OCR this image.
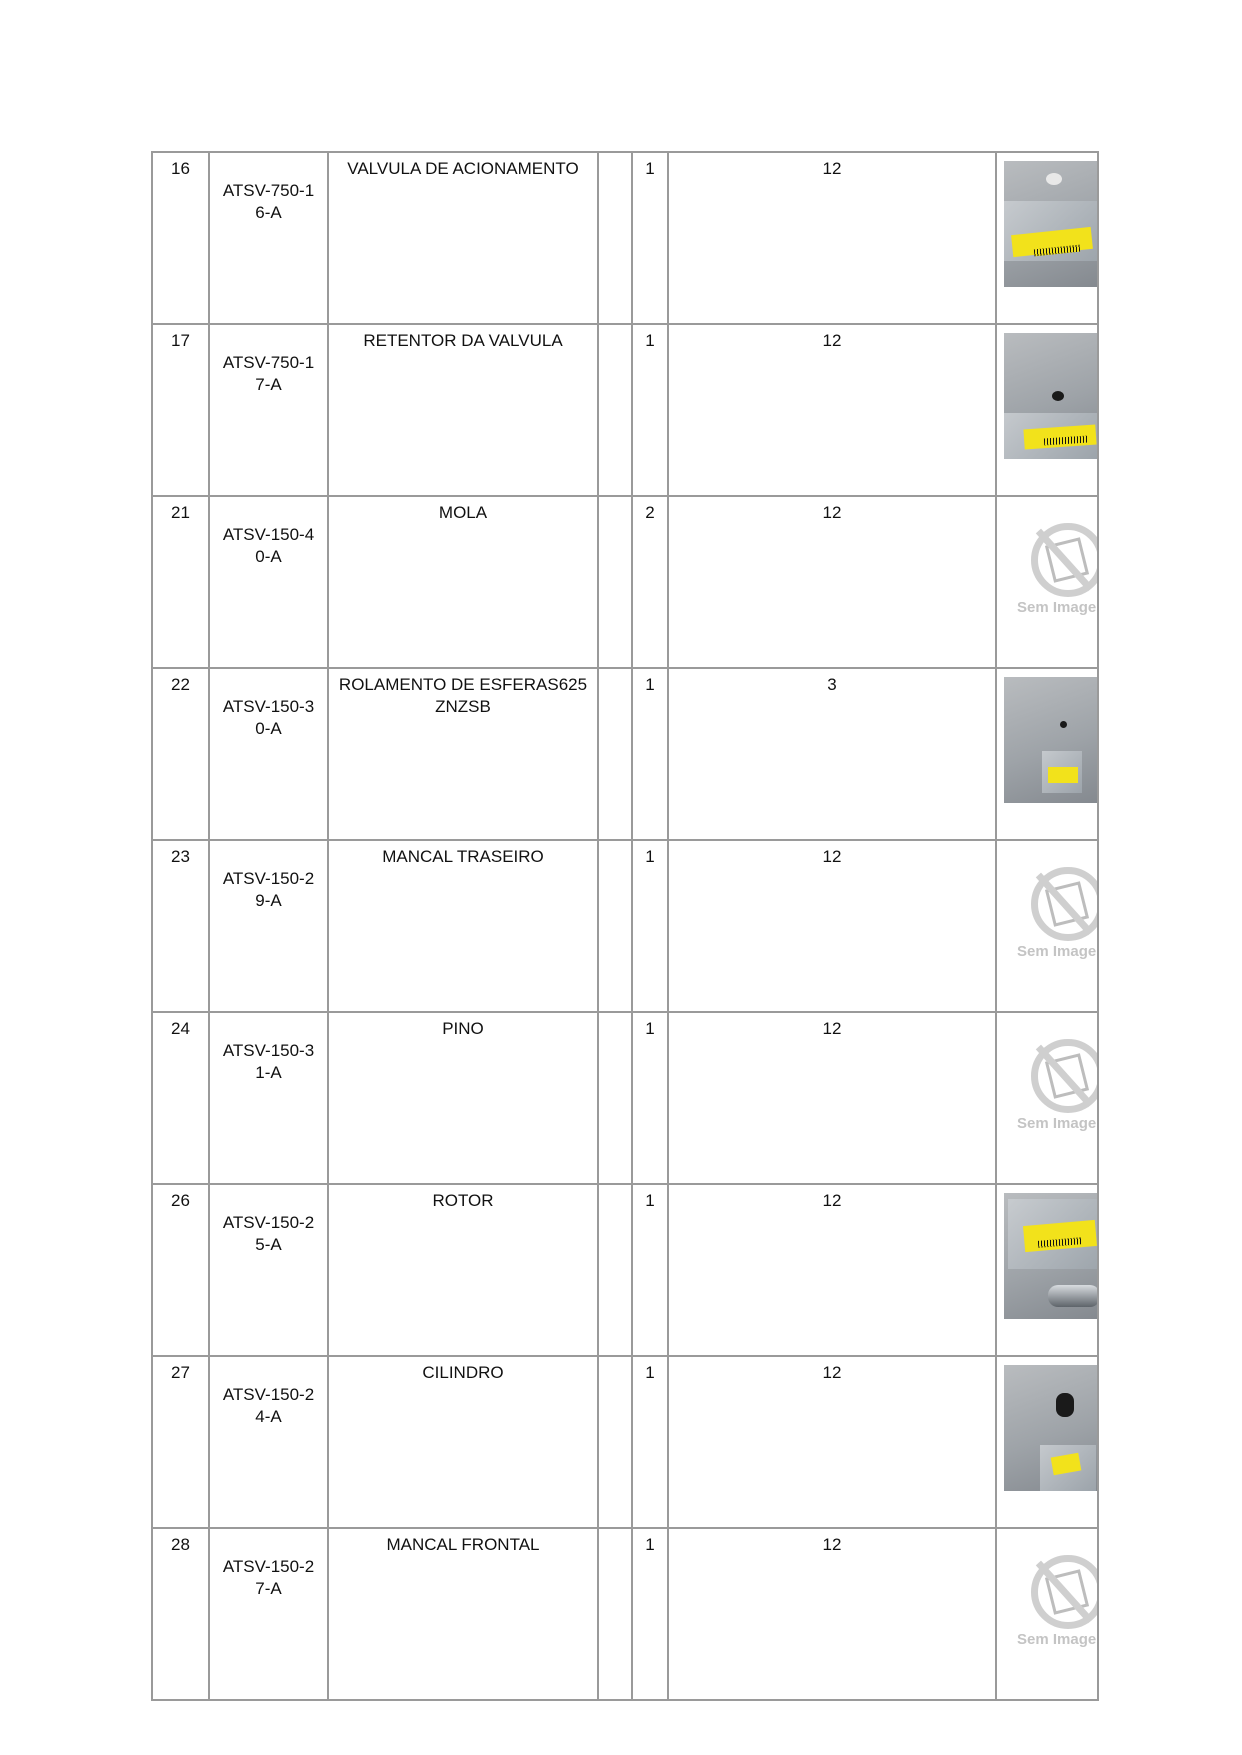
16	ATSV-750-16-A	VALVULA DE ACIONAMENTO		1	12	

17	ATSV-750-17-A	RETENTOR DA VALVULA		1	12	

21	ATSV-150-40-A	MOLA		2	12	Sem Image

22	ATSV-150-30-A	ROLAMENTO DE ESFERAS625ZNZSB		1	3	

23	ATSV-150-29-A	MANCAL TRASEIRO		1	12	Sem Image

24	ATSV-150-31-A	PINO		1	12	Sem Image

26	ATSV-150-25-A	ROTOR		1	12	

27	ATSV-150-24-A	CILINDRO		1	12	

28	ATSV-150-27-A	MANCAL FRONTAL		1	12	Sem Image
